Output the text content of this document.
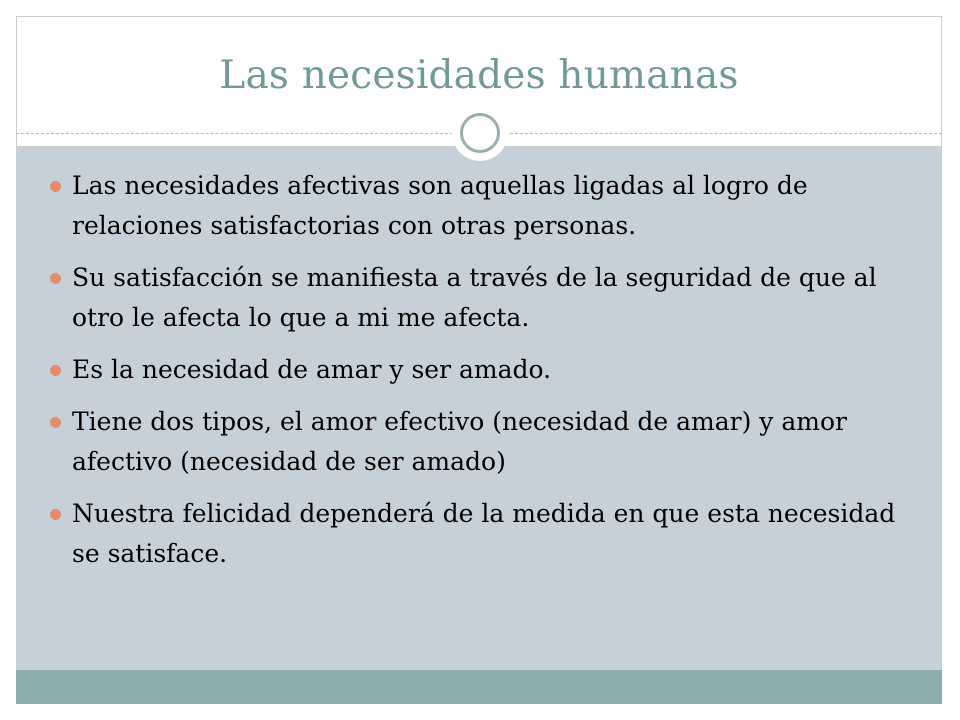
Las necesidades humanas
Las necesidades afectivas son aquellas ligadas al logro de relaciones satisfactorias con otras personas.
Su satisfacción se manifiesta a través de la seguridad de que al otro le afecta lo que a mi me afecta.
Es la necesidad de amar y ser amado.
Tiene dos tipos, el amor efectivo (necesidad de amar) y amor afectivo (necesidad de ser amado)
Nuestra felicidad dependerá de la medida en que esta necesidad se satisface.
